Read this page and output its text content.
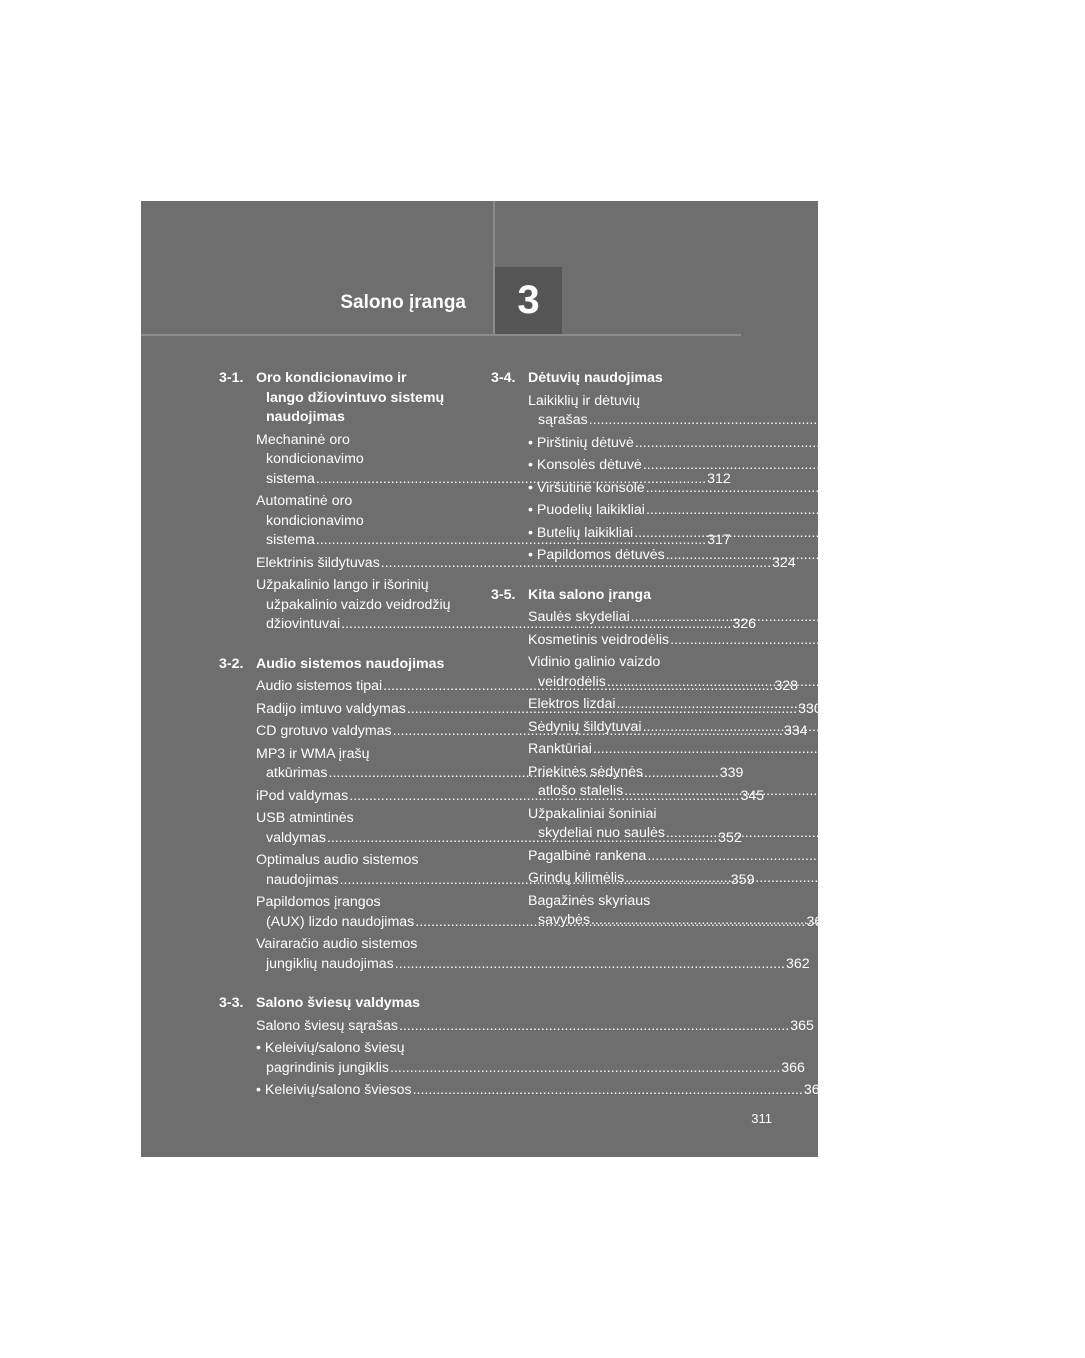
Salono įranga 3
3-1. Oro kondicionavimo ir
lango džiovintuvo sistemų
naudojimas
Mechaninė oro
kondicionavimo
sistema .....	312
Automatinė oro
kondicionavimo
sistema .....	317
Elektrinis šildytuvas .....	324
Užpakalinio lango ir išorinių
užpakalinio vaizdo veidrodžių
džiovintuvai .....	326
3-2. Audio sistemos naudojimas
Audio sistemos tipai .....	328
Radijo imtuvo valdymas .....	330
CD grotuvo valdymas .....	334
MP3 ir WMA įrašų
atkūrimas .....	339
iPod valdymas .....	345
USB atmintinės
valdymas .....	352
Optimalus audio sistemos
naudojimas .....	359
Papildomos įrangos
(AUX) lizdo naudojimas .....	361
Vairaračio audio sistemos
jungiklių naudojimas .....	362
3-3. Salono šviesų valdymas
Salono šviesų sąrašas .....	365
• Keleivių/salono šviesų
pagrindinis jungiklis .....	366
• Keleivių/salono šviesos .....	367
3-4. Dėtuvių naudojimas
Laikiklių ir dėtuvių
sąrašas .....	369
• Pirštinių dėtuvė .....	370
• Konsolės dėtuvė .....	371
• Viršutinė konsolė .....	372
• Puodelių laikikliai .....	373
• Butelių laikikliai .....	374
• Papildomos dėtuvės .....	375
3-5. Kita salono įranga
Saulės skydeliai .....	378
Kosmetinis veidrodėlis .....	379
Vidinio galinio vaizdo
veidrodėlis .....	380
Elektros lizdai .....	381
Sėdynių šildytuvai .....	383
Ranktūriai .....	385
Priekinės sėdynės
atlošo stalelis .....	386
Užpakaliniai šoniniai
skydeliai nuo saulės .....	388
Pagalbinė rankena .....	389
Grindų kilimėlis .....	390
Bagažinės skyriaus
savybės .....	392
311
